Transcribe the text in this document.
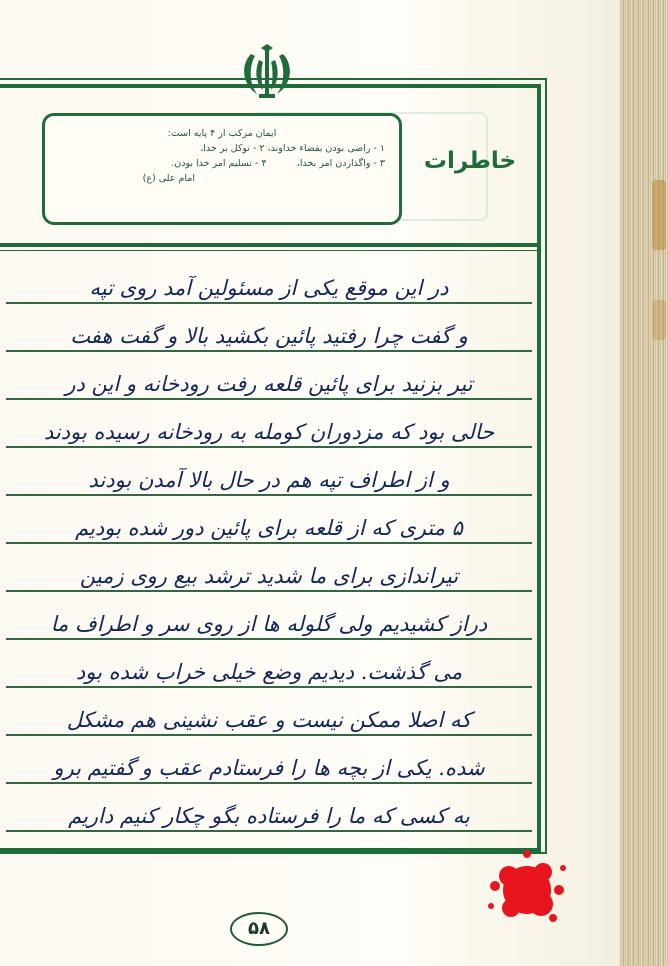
ایمان مرکب از ۴ پایه است:
۱ - راضی بودن بقضاء خداوند، ۲ - توکل بر خدا،
۳ - واگذاردن امر بخدا،          ۴ - تسلیم امر خدا بودن.
امام علی (ع)
خاطرات
در این موقع یکی از مسئولین آمد روی تپه
و گفت چرا رفتید پائین بکشید بالا و گفت هفت
تیر بزنید برای پائین قلعه رفت رودخانه و این در
حالی بود که مزدوران کومله به رودخانه رسیده بودند
و از اطراف تپه هم در حال بالا آمدن بودند
۵ متری که از قلعه برای پائین دور شده بودیم
تیراندازی برای ما شدید ترشد بیع روی زمین
دراز کشیدیم ولی گلوله ها از روی سر و اطراف ما
می گذشت. دیدیم وضع خیلی خراب شده بود
که اصلا ممکن نیست و عقب نشینی هم مشکل
شده. یکی از بچه ها را فرستادم عقب و گفتیم برو
به کسی که ما را فرستاده بگو چکار کنیم داریم
۵۸
